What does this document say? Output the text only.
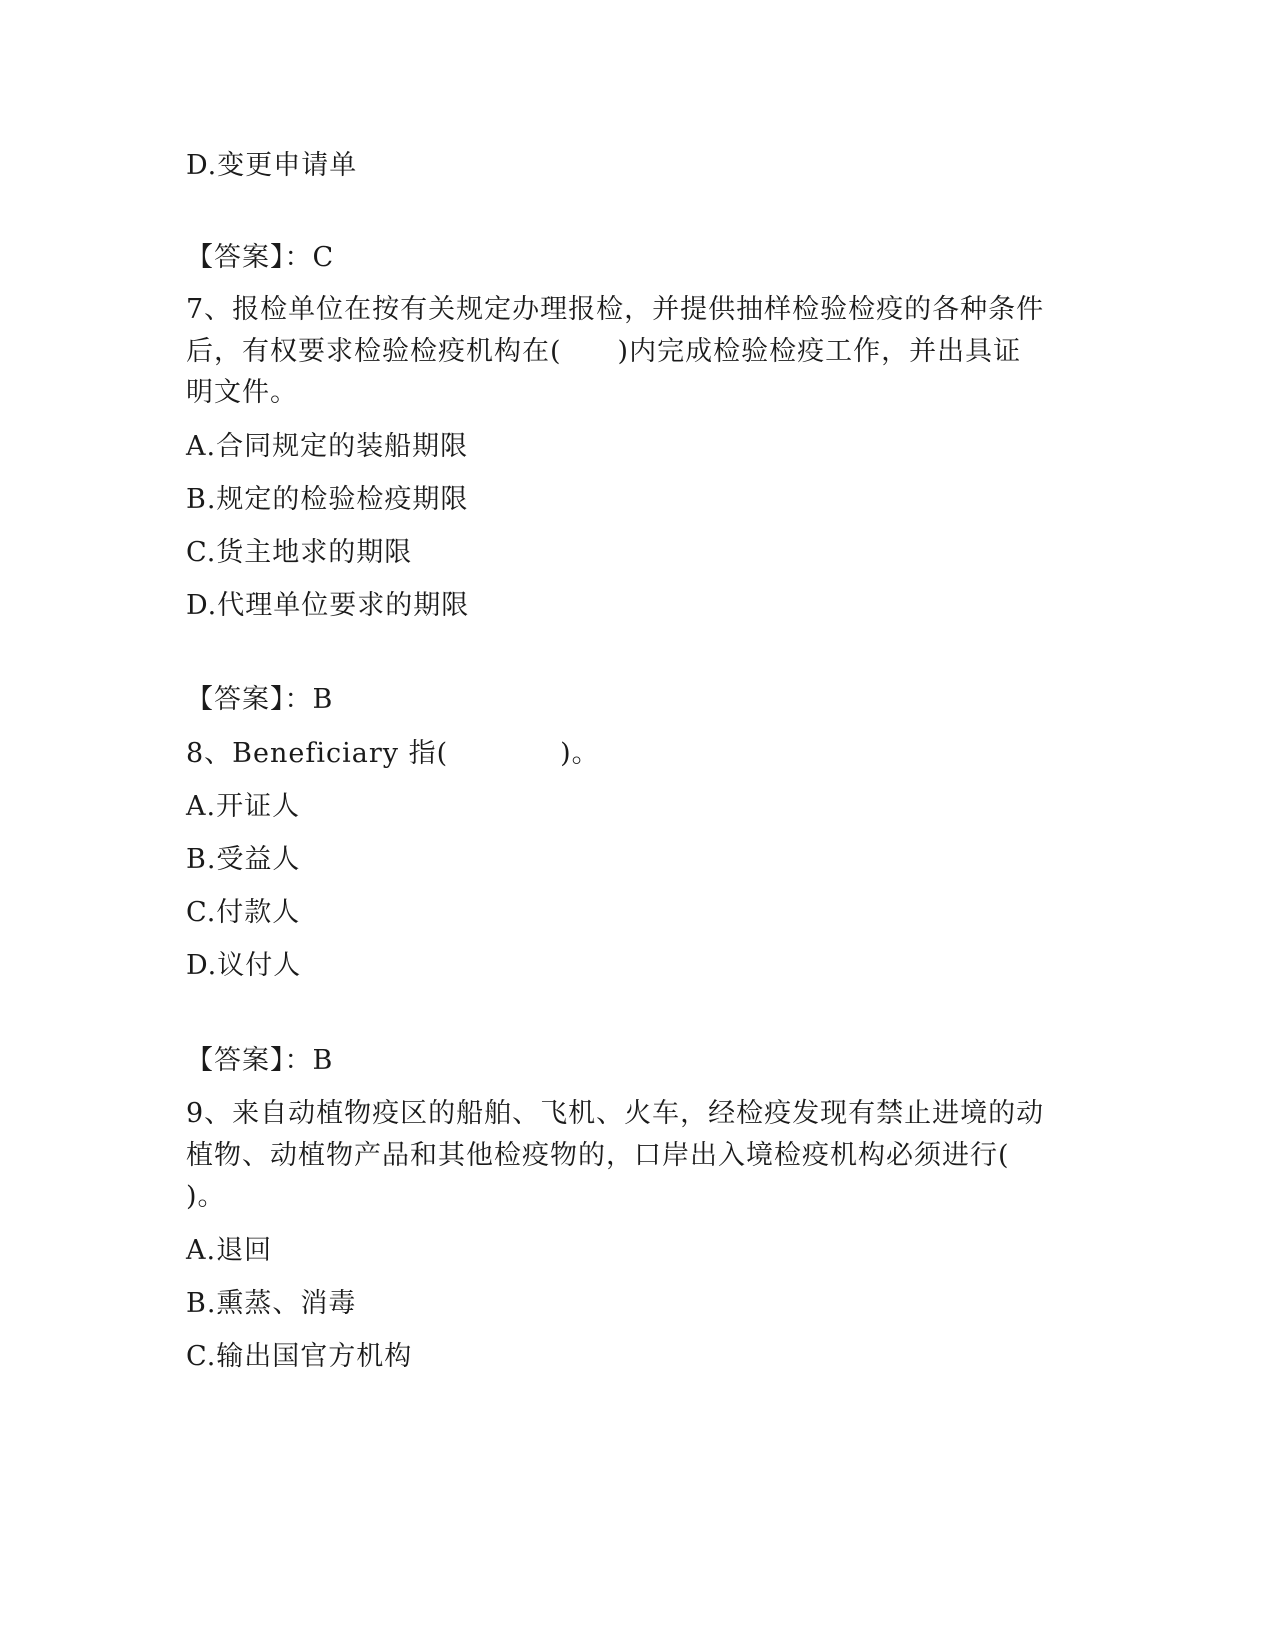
D.变更申请单
【答案】：C
7、报检单位在按有关规定办理报检，并提供抽样检验检疫的各种条件
后，有权要求检验检疫机构在(　　)内完成检验检疫工作，并出具证
明文件。
A.合同规定的装船期限
B.规定的检验检疫期限
C.货主地求的期限
D.代理单位要求的期限
【答案】：B
8、Beneficiary 指(　　　　)。
A.开证人
B.受益人
C.付款人
D.议付人
【答案】：B
9、来自动植物疫区的船舶、飞机、火车，经检疫发现有禁止进境的动
植物、动植物产品和其他检疫物的，口岸出入境检疫机构必须进行(
)。
A.退回
B.熏蒸、消毒
C.输出国官方机构
